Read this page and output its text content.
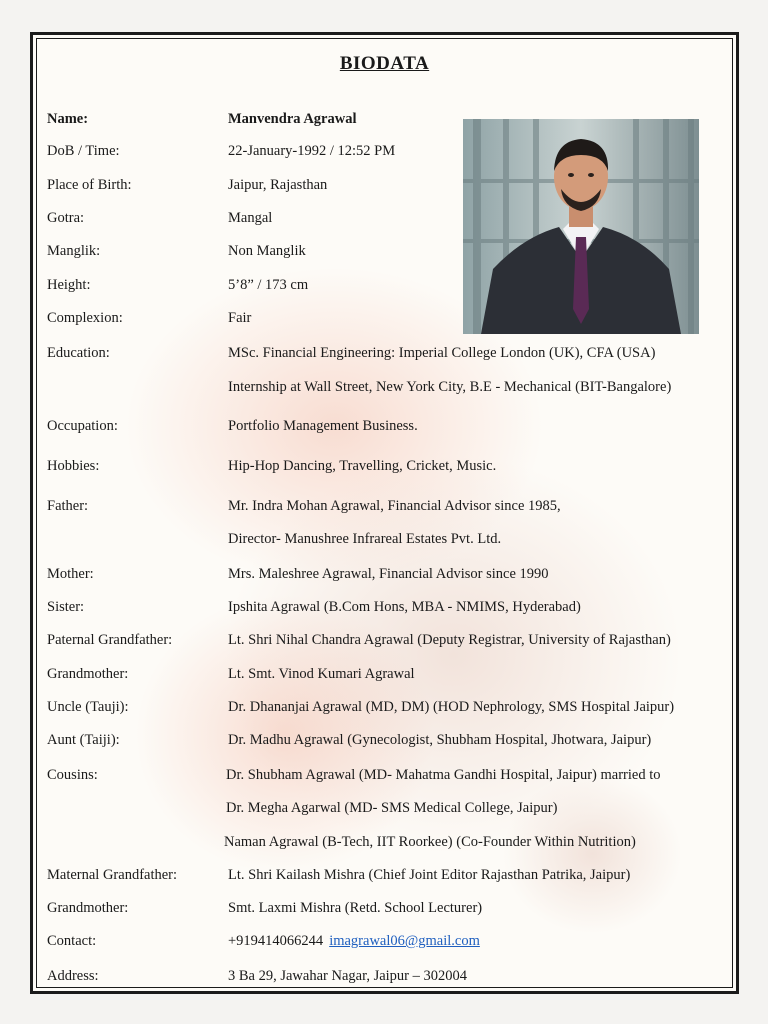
BIODATA
Name:	Manvendra Agrawal
DoB / Time:	22-January-1992 / 12:52 PM
Place of Birth:	Jaipur, Rajasthan
Gotra:	Mangal
Manglik:	Non Manglik
Height:	5’8” / 173 cm
Complexion:	Fair
Education:	MSc. Financial Engineering: Imperial College London (UK), CFA (USA)
Internship at Wall Street, New York City, B.E - Mechanical (BIT-Bangalore)
Occupation:	Portfolio Management Business.
Hobbies:	Hip-Hop Dancing, Travelling, Cricket, Music.
Father:	Mr. Indra Mohan Agrawal, Financial Advisor since 1985,
Director- Manushree Infrareal Estates Pvt. Ltd.
Mother:	Mrs. Maleshree Agrawal, Financial Advisor since 1990
Sister:	Ipshita Agrawal (B.Com Hons, MBA - NMIMS, Hyderabad)
Paternal Grandfather:	Lt. Shri Nihal Chandra Agrawal (Deputy Registrar, University of Rajasthan)
Grandmother:	Lt. Smt. Vinod Kumari Agrawal
Uncle (Tauji):	Dr. Dhananjai Agrawal (MD, DM) (HOD Nephrology, SMS Hospital Jaipur)
Aunt (Taiji):	Dr. Madhu Agrawal (Gynecologist, Shubham Hospital, Jhotwara, Jaipur)
Cousins:	Dr. Shubham Agrawal (MD- Mahatma Gandhi Hospital, Jaipur) married to
Dr. Megha Agarwal (MD- SMS Medical College, Jaipur)
Naman Agrawal (B-Tech, IIT Roorkee) (Co-Founder Within Nutrition)
Maternal Grandfather:	Lt. Shri Kailash Mishra (Chief Joint Editor Rajasthan Patrika, Jaipur)
Grandmother:	Smt. Laxmi Mishra (Retd. School Lecturer)
Contact:	+919414066244 imagrawal06@gmail.com
Address:	3 Ba 29, Jawahar Nagar, Jaipur – 302004
